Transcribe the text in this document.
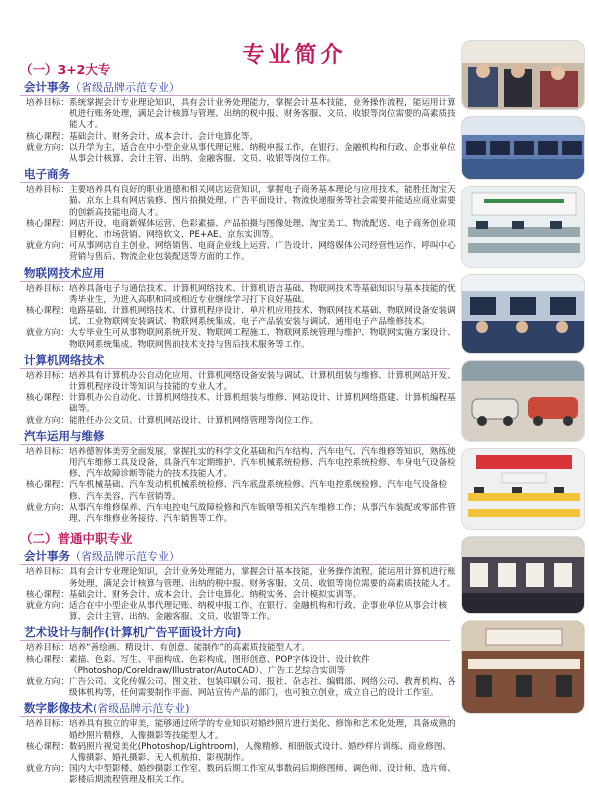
专业简介
（一）3+2大专
会计事务（省级品牌示范专业）
培养目标： 系统掌握会计专业理论知识，具有会计业务处理能力，掌握会计基本技能，业务操作流程，能运用计算机进行账务处理，满足会计核算与管理、出纳的税中报、财务客服、文员、收银等岗位需要的高素质技能人才。
核心课程： 基础会计、财务会计、成本会计、会计电算化等。
就业方向： 以升学为主，适合在中小型企业从事代理记账、纳税申报工作，在银行、金融机构和行政、企事业单位从事会计核算、会计主管、出纳、金融客服、文员、收银等岗位工作。
电子商务
培养目标： 主要培养具有良好的职业道德和相关网店运营知识，掌握电子商务基本理论与应用技术，能胜任淘宝天猫、京东上具有网店装修、图片拍摄处理、广告平面设计、物流快递服务等社会需要并能适应商业需要的创新高技能电商人才。
核心课程： 网店开设、电商新媒体运营、色彩素描、产品拍摄与图像处理、淘宝美工、物流配送、电子商务创业项目孵化、市场营销、网络软文、PE+AE、京东实训等。
就业方向： 可从事网店自主创业、网络销售、电商企业线上运营、广告设计、网络媒体公司经营性运作、呼叫中心营销与售后、物流企业包装配送等方面的工作。
物联网技术应用
培养目标： 培养具备电子与通信技术、计算机网络技术、计算机语言基础、物联网技术等基础知识与基本技能的优秀毕业生，为进入高职和同或相近专业继续学习打下良好基础。
核心课程： 电路基础、计算机网络技术、计算机程序设计、单片机应用技术、物联网技术基础、物联网设备安装调试、工业物联网安装调试、物联网系统集成、电子产品装安装与调试、通用电子产品维修技术。
就业方向： 大专毕业生可从事物联网系统开发、物联网工程施工、物联网系统管理与维护、物联网实施方案设计、物联网系统集成、物联网售前技术支持与售后技术服务等工作。
计算机网络技术
培养目标： 培养具有计算机办公自动化应用、计算机网络设备安装与调试、计算机组装与维修、计算机网站开发、计算机程序设计等知识与技能的专业人才。
核心课程： 计算机办公自动化、计算机网络技术、计算机组装与维修、网站设计、计算机网络搭建、计算机编程基础等。
就业方向： 能胜任办公文员、计算机网站设计、计算机网络管理等岗位工作。
汽车运用与维修
培养目标： 培养德智体美劳全面发展，掌握扎实的科学文化基础和汽车结构、汽车电气、汽车维修等知识，熟练使用汽车维修工具及设备，具备汽车定期维护、汽车机械系统检修、汽车电控系统检修、车身电气设备检修、汽车故障诊断等能力的技术技能人才。
核心课程： 汽车机械基础、汽车发动机机械系统检修、汽车底盘系统检修、汽车电控系统检修、汽车电气设备检修、汽车美容、汽车营销等。
就业方向： 从事汽车维修保养、汽车电控电气故障检修和汽车钣喷等相关汽车维修工作；从事汽车装配或零部件管理、汽车维修业务接待、汽车销售等工作。
（二）普通中职专业
会计事务（省级品牌示范专业）
培养目标： 具有会计专业理论知识，会计业务处理能力，掌握会计基本技能，业务操作流程，能运用计算机进行账务处理，满足会计核算与管理、出纳的税中报、财务客服、文员、收银等岗位需要的高素质技能人才。
核心课程： 基础会计、财务会计、成本会计、会计电算化、纳税实务、会计模拟实训等。
就业方向： 适合在中小型企业从事代理记账、纳税申报工作，在银行、金融机构和行政、企事业单位从事会计核算、会计主管、出纳、金融客服、文员、收银等工作。
艺术设计与制作(计算机广告平面设计方向)
培养目标： 培养“善绘画、精设计、有创意、能制作”的高素质技能型人才。
核心课程： 素描、色彩、写生、平面构成、色彩构成、图形创意、POP字体设计、设计软件（Photoshop/Coreldraw/Illustrator/AutoCAD）、广告工艺综合实训等
就业方向： 广告公司、文化传媒公司、图文社、包装印刷公司、报社、杂志社、编辑部、网络公司、教育机构、各级体机构等，任何需要制作平面、网站宣传产品的部门，也可独立创业，成立自己的设计工作室。
数字影像技术(省级品牌示范专业)
培养目标： 培养具有独立的审美，能够通过所学的专业知识对婚纱照片进行美化、修饰和艺术化处理，具备成熟的婚纱照片精修，人像摄影等技能型人才。
核心课程： 数码照片视觉美化(Photoshop/Lightroom)，人像精修、相册版式设计、婚纱样片训练、商业修图、人像摄影、婚礼摄影、无人机航拍、影视制作。
就业方向： 国内大中型影楼、婚纱摄影工作室、数码后期工作室从事数码后期修图师、调色师、设计师、选片师、影楼后期流程管理及相关工作。
